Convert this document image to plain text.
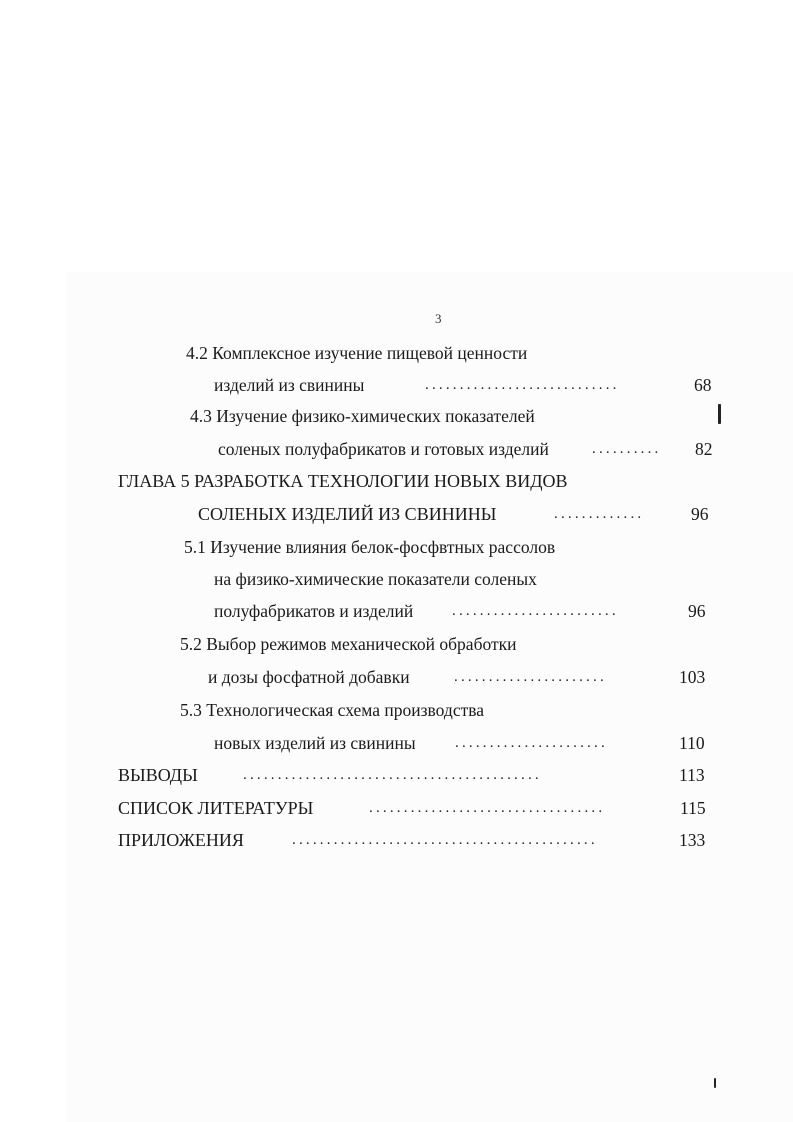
3
4.2 Комплексное изучение пищевой ценности
изделий из свинины	............................	68
4.3 Изучение физико-химических показателей
соленых полуфабрикатов и готовых изделий	.......... 82
ГЛАВА 5 РАЗРАБОТКА ТЕХНОЛОГИИ НОВЫХ ВИДОВ
СОЛЕНЫХ ИЗДЕЛИЙ ИЗ СВИНИНЫ	.............	96
5.1 Изучение влияния белок-фосфвтных рассолов
на физико-химические показатели соленых
полуфабрикатов и изделий	........................	96
5.2 Выбор режимов механической обработки
и дозы фосфатной добавки	......................	103
5.3 Технологическая схема производства
новых изделий из свинины	......................	110
ВЫВОДЫ	...........................................	113
СПИСОК ЛИТЕРАТУРЫ	..................................	115
ПРИЛОЖЕНИЯ	............................................	133
